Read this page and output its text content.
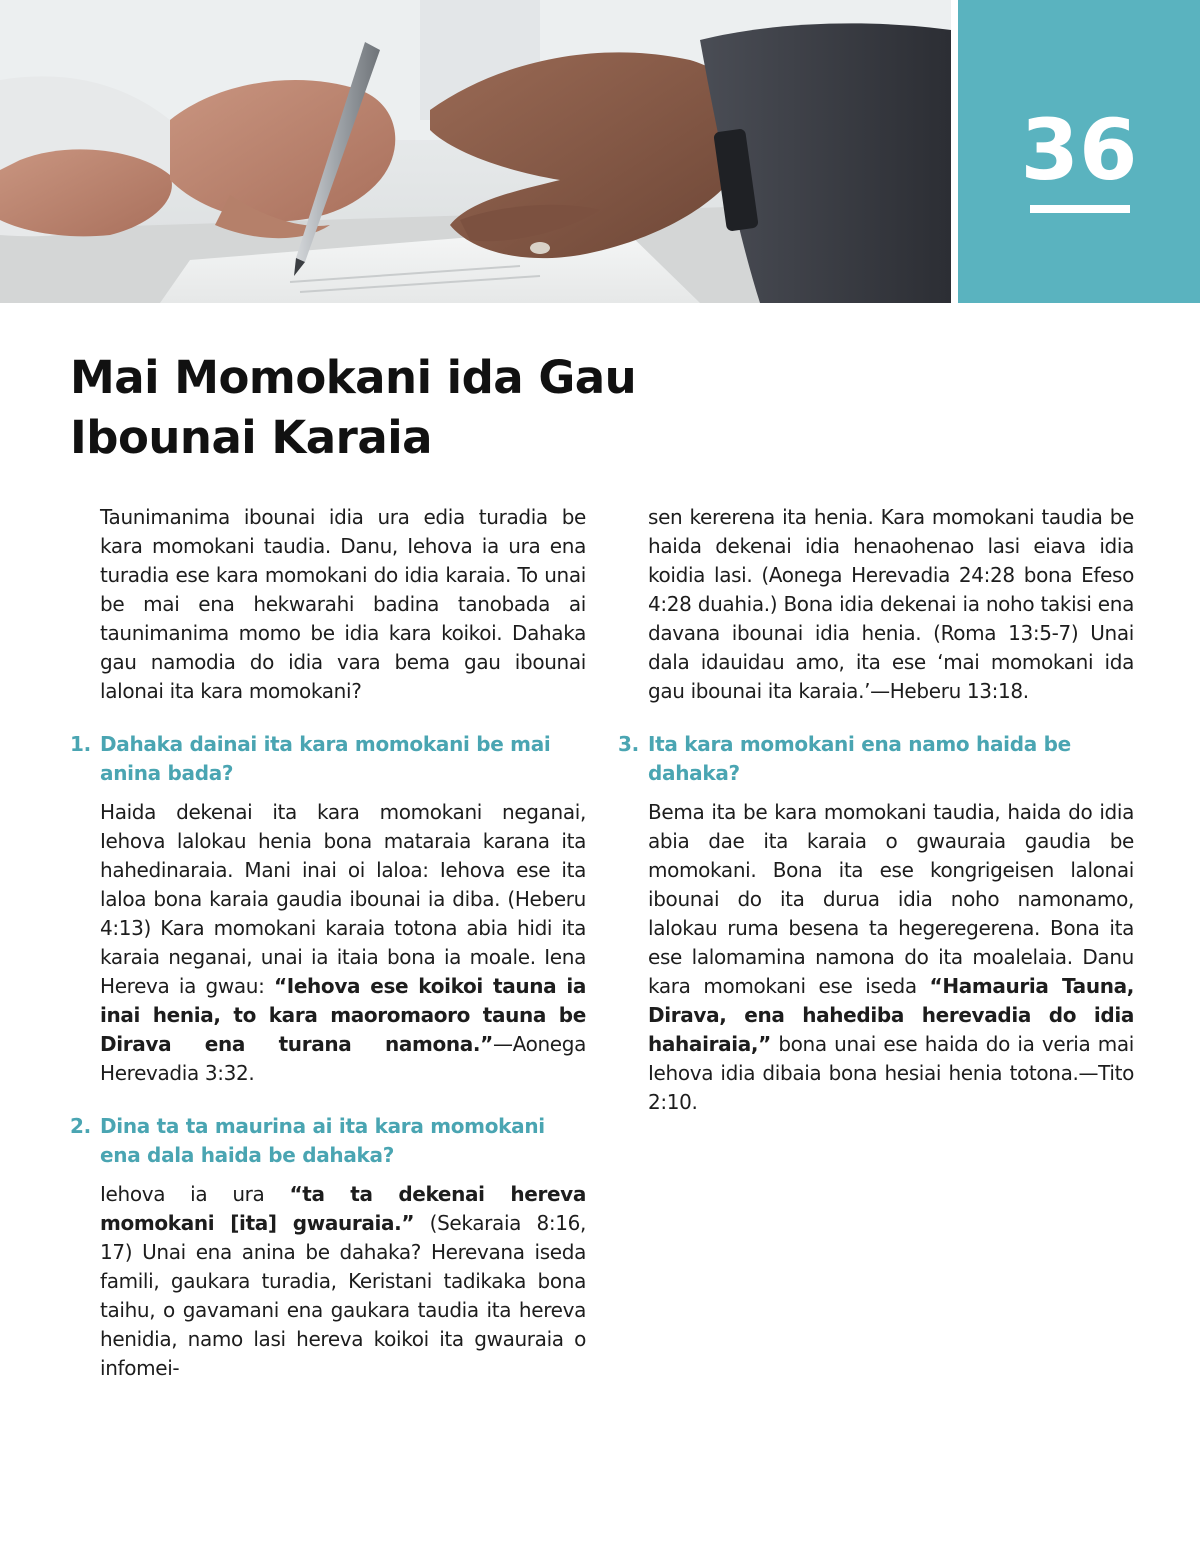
36
Mai Momokani ida Gau Ibounai Karaia

Taunimanima ibounai idia ura edia turadia be kara momokani taudia. Danu, Iehova ia ura ena turadia ese kara momokani do idia karaia. To unai be mai ena hekwarahi badina tanobada ai taunimanima momo be idia kara koikoi. Dahaka gau namodia do idia vara bema gau ibounai lalonai ita kara momokani?

1. Dahaka dainai ita kara momokani be mai anina bada?

Haida dekenai ita kara momokani neganai, Iehova lalokau henia bona mataraia karana ita hahedinaraia. Mani inai oi laloa: Iehova ese ita laloa bona karaia gaudia ibounai ia diba. (Heberu 4:13) Kara momokani karaia totona abia hidi ita karaia neganai, unai ia itaia bona ia moale. Iena Hereva ia gwau: “Iehova ese koikoi tauna ia inai henia, to kara maoromaoro tauna be Dirava ena turana namona.”—Aonega Herevadia 3:32.

2. Dina ta ta maurina ai ita kara momokani ena dala haida be dahaka?

Iehova ia ura “ta ta dekenai hereva momokani [ita] gwauraia.” (Sekaraia 8:16, 17) Unai ena anina be dahaka? Herevana iseda famili, gaukara turadia, Keristani tadikaka bona taihu, o gavamani ena gaukara taudia ita hereva henidia, namo lasi hereva koikoi ita gwauraia o infomei-

sen kererena ita henia. Kara momokani taudia be haida dekenai idia henaohenao lasi eiava idia koidia lasi. (Aonega Herevadia 24:28 bona Efeso 4:28 duahia.) Bona idia dekenai ia noho takisi ena davana ibounai idia henia. (Roma 13:5-7) Unai dala idauidau amo, ita ese ‘mai momokani ida gau ibounai ita karaia.’—Heberu 13:18.

3. Ita kara momokani ena namo haida be dahaka?

Bema ita be kara momokani taudia, haida do idia abia dae ita karaia o gwauraia gaudia be momokani. Bona ita ese kongrigeisen lalonai ibounai do ita durua idia noho namonamo, lalokau ruma besena ta hegeregerena. Bona ita ese lalomamina namona do ita moalelaia. Danu kara momokani ese iseda “Hamauria Tauna, Dirava, ena hahediba herevadia do idia hahairaia,” bona unai ese haida do ia veria mai Iehova idia dibaia bona hesiai henia totona.—Tito 2:10.
